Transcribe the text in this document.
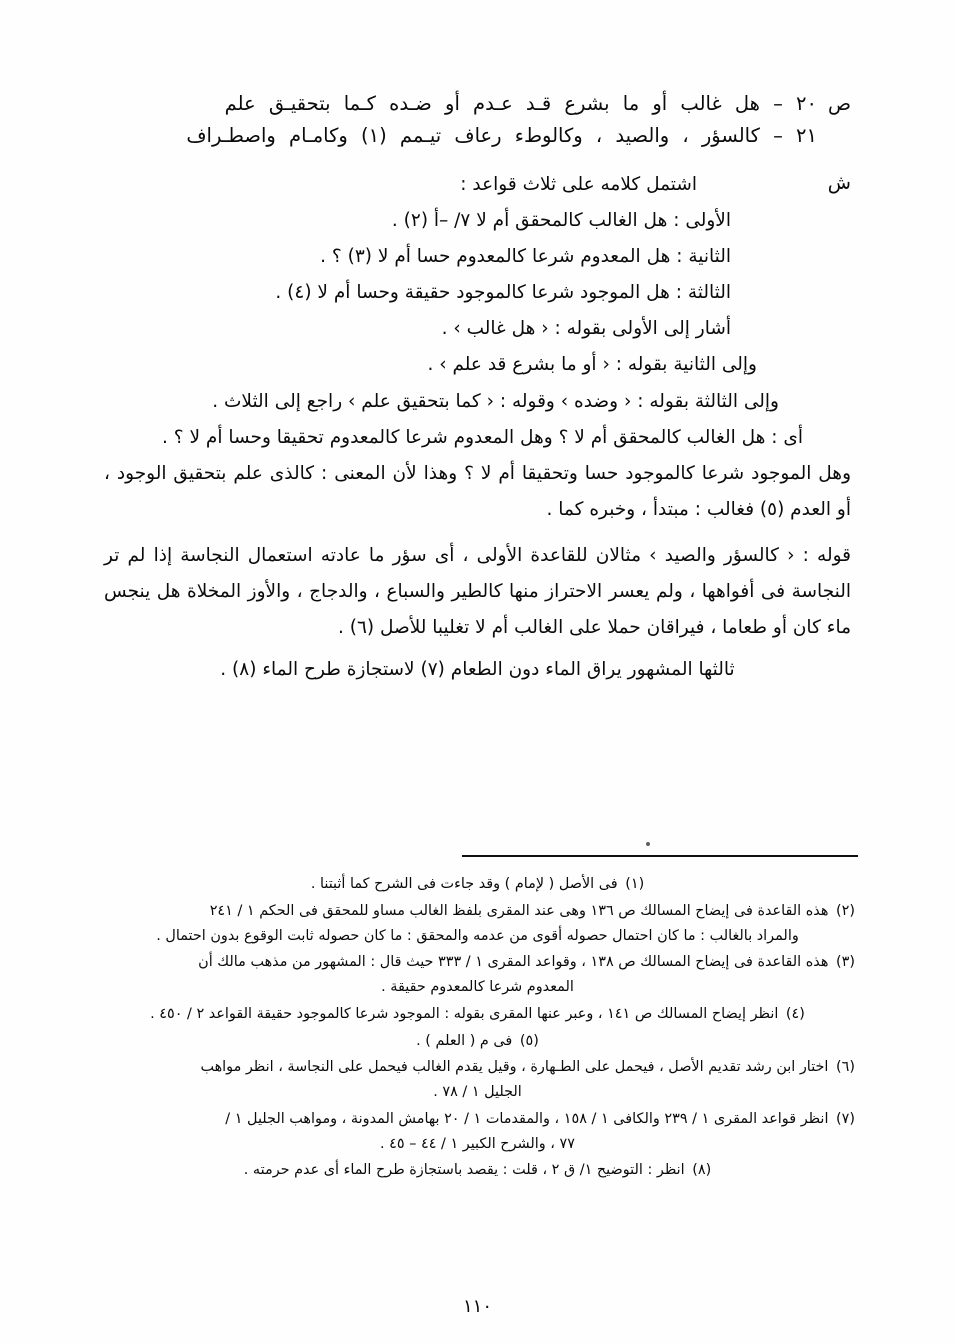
ص
٢٠ – هل غالب أو ما بشرع قـد عـدم أو ضـده كـما بتحقيـق علم
٢١ – كالسؤر ، والصيد ، وكالوطء رعاف تيـمم (١) وكامـام واصطـراف
ش
اشتمل كلامه على ثلاث قواعد :
الأولى : هل الغالب كالمحقق أم لا ٧/ –أ (٢) .
الثانية : هل المعدوم شرعا كالمعدوم حسا أم لا (٣) ؟ .
الثالثة : هل الموجود شرعا كالموجود حقيقة وحسا أم لا (٤) .
أشار إلى الأولى بقوله : ‹ هل غالب › .
وإلى الثانية بقوله : ‹ أو ما بشرع قد علم › .
وإلى الثالثة بقوله : ‹ وضده › وقوله : ‹ كما بتحقيق علم › راجع إلى الثلاث .
أى : هل الغالب كالمحقق أم لا ؟ وهل المعدوم شرعا كالمعدوم تحقيقا وحسا أم لا ؟ .
وهل الموجود شرعا كالموجود حسا وتحقيقا أم لا ؟ وهذا لأن المعنى : كالذى علم بتحقيق الوجود ، أو العدم (٥) فغالب : مبتدأ ، وخبره كما .
قوله : ‹ كالسؤر والصيد › مثالان للقاعدة الأولى ، أى سؤر ما عادته استعمال النجاسة إذا لم تر النجاسة فى أفواهها ، ولم يعسر الاحتراز منها كالطير والسباع ، والدجاج ، والأوز المخلاة هل ينجس ماء كان أو طعاما ، فيراقان حملا على الغالب أم لا تغليبا للأصل (٦) .
ثالثها المشهور يراق الماء دون الطعام (٧) لاستجازة طرح الماء (٨) .
(١) فى الأصل ( لإمام ) وقد جاءت فى الشرح كما أثبتنا .
(٢) هذه القاعدة فى إيضاح المسالك ص ١٣٦ وهى عند المقرى بلفظ الغالب مساو للمحقق فى الحكم ١ / ٢٤١
والمراد بالغالب : ما كان احتمال حصوله أقوى من عدمه والمحقق : ما كان حصوله ثابت الوقوع بدون احتمال .
(٣) هذه القاعدة فى إيضاح المسالك ص ١٣٨ ، وقواعد المقرى ١ / ٣٣٣ حيث قال : المشهور من مذهب مالك أن
المعدوم شرعا كالمعدوم حقيقة .
(٤) انظر إيضاح المسالك ص ١٤١ ، وعبر عنها المقرى بقوله : الموجود شرعا كالموجود حقيقة القواعد ٢ / ٤٥٠ .
(٥) فى م ( العلم ) .
(٦) اختار ابن رشد تقديم الأصل ، فيحمل على الطـهارة ، وقيل يقدم الغالب فيحمل على النجاسة ، انظر مواهب
الجليل ١ / ٧٨ .
(٧) انظر قواعد المقرى ١ / ٢٣٩ والكافى ١ / ١٥٨ ، والمقدمات ١ / ٢٠ بهامش المدونة ، ومواهب الجليل ١ /
٧٧ ، والشرح الكبير ١ / ٤٤ – ٤٥ .
(٨) انظر : التوضيح ١/ ق ٢ ، قلت : يقصد باستجازة طرح الماء أى عدم حرمته .
١١٠
